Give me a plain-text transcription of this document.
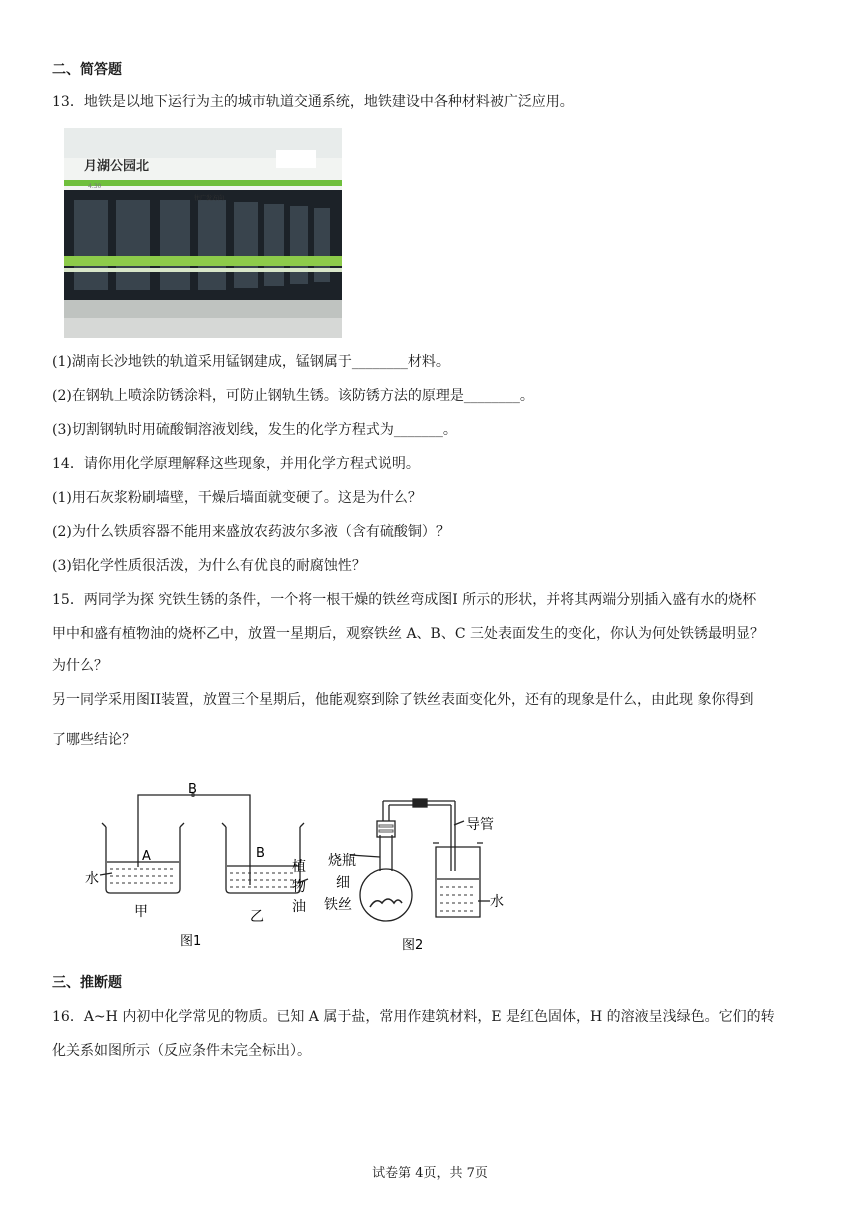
二、简答题
13．地铁是以地下运行为主的城市轨道交通系统，地铁建设中各种材料被广泛应用。
月湖公园北
4.30
往广发方向
(1)湖南长沙地铁的轨道采用锰钢建成，锰钢属于________材料。
(2)在钢轨上喷涂防锈涂料，可防止钢轨生锈。该防锈方法的原理是________。
(3)切割钢轨时用硫酸铜溶液划线，发生的化学方程式为_______。
14．请你用化学原理解释这些现象，并用化学方程式说明。
(1)用石灰浆粉刷墙壁，干燥后墙面就变硬了。这是为什么？
(2)为什么铁质容器不能用来盛放农药波尔多液（含有硫酸铜）？
(3)铝化学性质很活泼，为什么有优良的耐腐蚀性？
15．两同学为探 究铁生锈的条件，一个将一根干燥的铁丝弯成图I 所示的形状，并将其两端分别插入盛有水的烧杯
甲中和盛有植物油的烧杯乙中，放置一星期后，观察铁丝 A、B、C 三处表面发生的变化，你认为何处铁锈最明显？
为什么？
另一同学采用图II装置，放置三个星期后，他能观察到除了铁丝表面变化外，还有的现象是什么，由此现 象你得到
了哪些结论？
B
A	B
水
甲	乙
植
物
油
图1
烧瓶
细
铁丝
导管
水
图2
三、推断题
16．A~H 内初中化学常见的物质。已知 A 属于盐，常用作建筑材料，E 是红色固体，H 的溶液呈浅绿色。它们的转
化关系如图所示（反应条件未完全标出）。
试卷第 4页，共 7页
